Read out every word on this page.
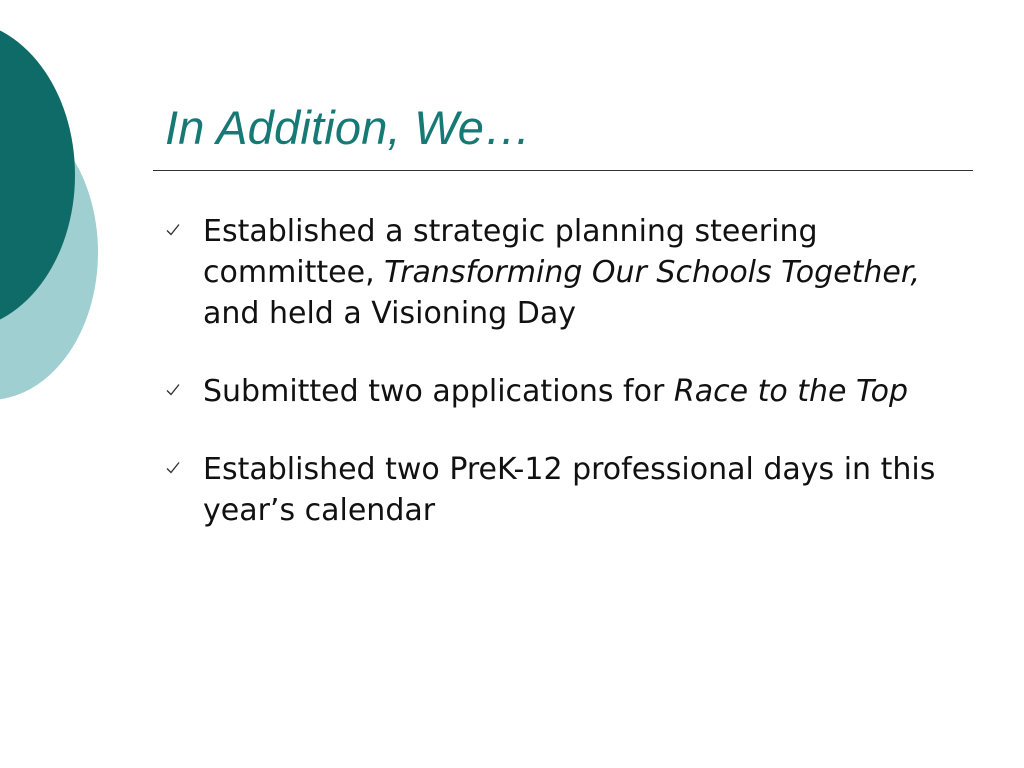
In Addition, We…
Established a strategic planning steering committee, Transforming Our Schools Together, and held a Visioning Day
Submitted two applications for Race to the Top
Established two PreK-12 professional days in this year’s calendar
